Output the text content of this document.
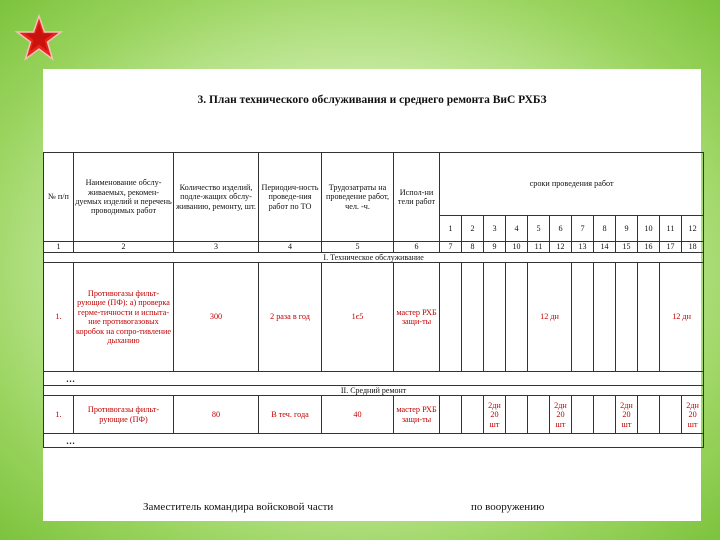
3. План технического обслуживания и среднего ремонта ВиС РХБЗ
№ п/п	Наименование обслу-живаемых, рекомен-дуемых изделий и перечень проводимых работ	Количество изделий, подле-жащих обслу-живанию, ремонту, шт.	Периодич-ность проведе-ния работ по ТО	Трудозатраты на проведение работ, чел. -ч.	Испол-ни тели работ	сроки проведения работ											
						1	2	3	4	5	6	7	8	9	10	11	12
1	2	3	4	5	6	7	8	9	10	11	12	13	14	15	16	17	18
I. Техническое обслуживание																	
1.	Противогазы фильт-рующие (ПФ): а) проверка герме-тичности и испыта-ние противогазовых коробок на сопро-тивление дыханию	300	2 раза в год	1є5	мастер РХБ защи-ты					12 дн						12 дн	
…																	
II. Средний ремонт																	
1.	Противогазы фильт-рующие (ПФ)	80	В теч. года	40	мастер РХБ защи-ты			2дн 20 шт			2дн 20 шт			2дн 20 шт			2дн 20 шт
…																	
Заместитель командира войсковой части	по вооружению
